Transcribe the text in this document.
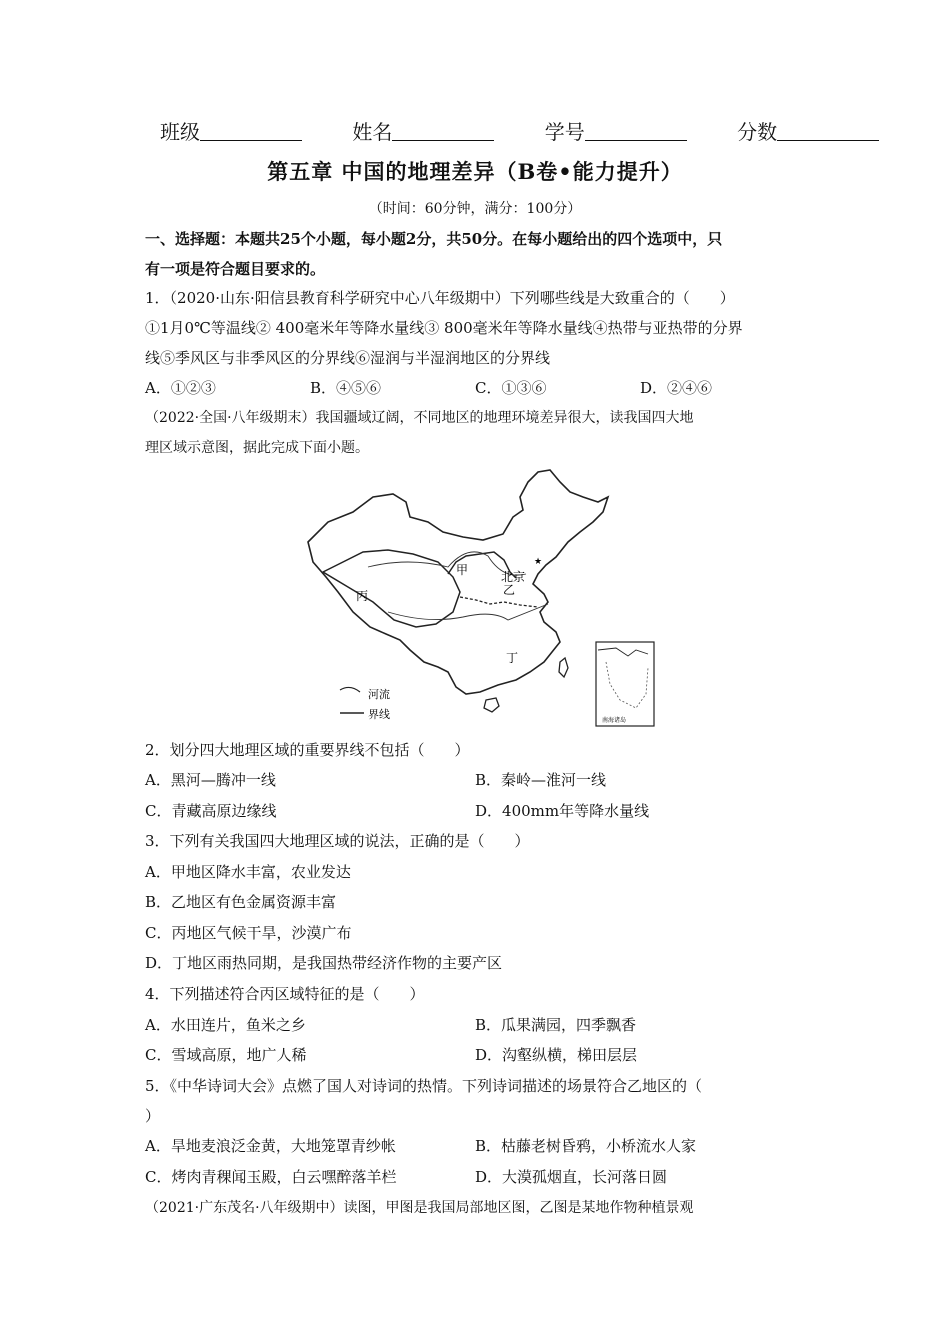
班级	姓名	学号	分数
第五章 中国的地理差异（B卷•能力提升）
（时间：60分钟，满分：100分）
一、选择题：本题共25个小题，每小题2分，共50分。在每小题给出的四个选项中，只
有一项是符合题目要求的。
1．（2020·山东·阳信县教育科学研究中心八年级期中）下列哪些线是大致重合的（　　）
①1月0℃等温线② 400毫米年等降水量线③ 800毫米年等降水量线④热带与亚热带的分界
线⑤季风区与非季风区的分界线⑥湿润与半湿润地区的分界线
A．①②③	B．④⑤⑥	C．①③⑥	D．②④⑥
（2022·全国·八年级期末）我国疆域辽阔，不同地区的地理环境差异很大，读我国四大地
理区域示意图，据此完成下面小题。
甲
乙
丙
丁
★
北京
河流
界线	南海诸岛
2．划分四大地理区域的重要界线不包括（　　）
A．黑河—腾冲一线	B．秦岭—淮河一线
C．青藏高原边缘线	D．400mm年等降水量线
3．下列有关我国四大地理区域的说法，正确的是（　　）
A．甲地区降水丰富，农业发达
B．乙地区有色金属资源丰富
C．丙地区气候干旱，沙漠广布
D．丁地区雨热同期，是我国热带经济作物的主要产区
4．下列描述符合丙区域特征的是（　　）
A．水田连片，鱼米之乡	B．瓜果满园，四季飘香
C．雪域高原，地广人稀	D．沟壑纵横，梯田层层
5．《中华诗词大会》点燃了国人对诗词的热情。下列诗词描述的场景符合乙地区的（
）
A．旱地麦浪泛金黄，大地笼罩青纱帐	B．枯藤老树昏鸦，小桥流水人家
C．烤肉青稞闻玉殿，白云嘿醉落羊栏	D．大漠孤烟直，长河落日圆
（2021·广东茂名·八年级期中）读图，甲图是我国局部地区图，乙图是某地作物种植景观
